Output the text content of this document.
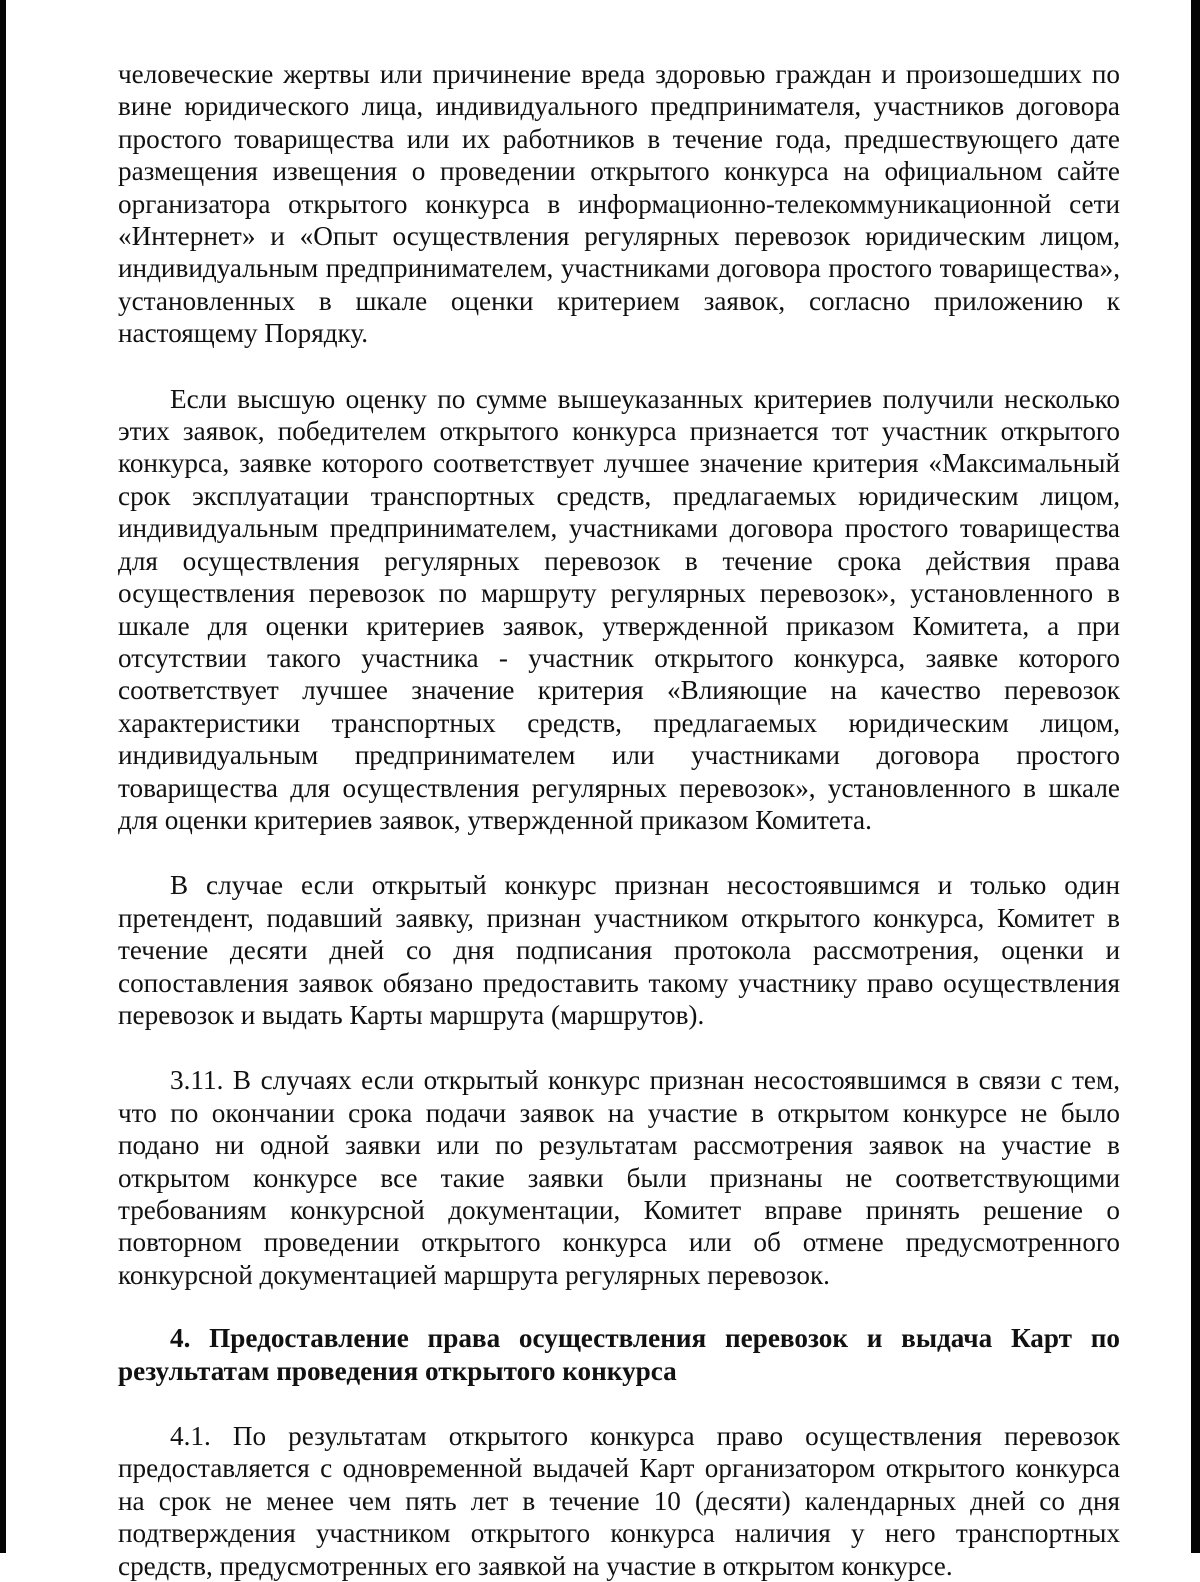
человеческие жертвы или причинение вреда здоровью граждан и произошедших по вине юридического лица, индивидуального предпринимателя, участников договора простого товарищества или их работников в течение года, предшествующего дате размещения извещения о проведении открытого конкурса на официальном сайте организатора открытого конкурса в информационно-телекоммуникационной сети «Интернет» и «Опыт осуществления регулярных перевозок юридическим лицом, индивидуальным предпринимателем, участниками договора простого товарищества», установленных в шкале оценки критерием заявок, согласно приложению к настоящему Порядку.

Если высшую оценку по сумме вышеуказанных критериев получили несколько этих заявок, победителем открытого конкурса признается тот участник открытого конкурса, заявке которого соответствует лучшее значение критерия «Максимальный срок эксплуатации транспортных средств, предлагаемых юридическим лицом, индивидуальным предпринимателем, участниками договора простого товарищества для осуществления регулярных перевозок в течение срока действия права осуществления перевозок по маршруту регулярных перевозок», установленного в шкале для оценки критериев заявок, утвержденной приказом Комитета, а при отсутствии такого участника - участник открытого конкурса, заявке которого соответствует лучшее значение критерия «Влияющие на качество перевозок характеристики транспортных средств, предлагаемых юридическим лицом, индивидуальным предпринимателем или участниками договора простого товарищества для осуществления регулярных перевозок», установленного в шкале для оценки критериев заявок, утвержденной приказом Комитета.

В случае если открытый конкурс признан несостоявшимся и только один претендент, подавший заявку, признан участником открытого конкурса, Комитет в течение десяти дней со дня подписания протокола рассмотрения, оценки и сопоставления заявок обязано предоставить такому участнику право осуществления перевозок и выдать Карты маршрута (маршрутов).

3.11. В случаях если открытый конкурс признан несостоявшимся в связи с тем, что по окончании срока подачи заявок на участие в открытом конкурсе не было подано ни одной заявки или по результатам рассмотрения заявок на участие в открытом конкурсе все такие заявки были признаны не соответствующими требованиям конкурсной документации, Комитет вправе принять решение о повторном проведении открытого конкурса или об отмене предусмотренного конкурсной документацией маршрута регулярных перевозок.

4. Предоставление права осуществления перевозок и выдача Карт по результатам проведения открытого конкурса

4.1. По результатам открытого конкурса право осуществления перевозок предоставляется с одновременной выдачей Карт организатором открытого конкурса на срок не менее чем пять лет в течение 10 (десяти) календарных дней со дня подтверждения участником открытого конкурса наличия у него транспортных средств, предусмотренных его заявкой на участие в открытом конкурсе.
